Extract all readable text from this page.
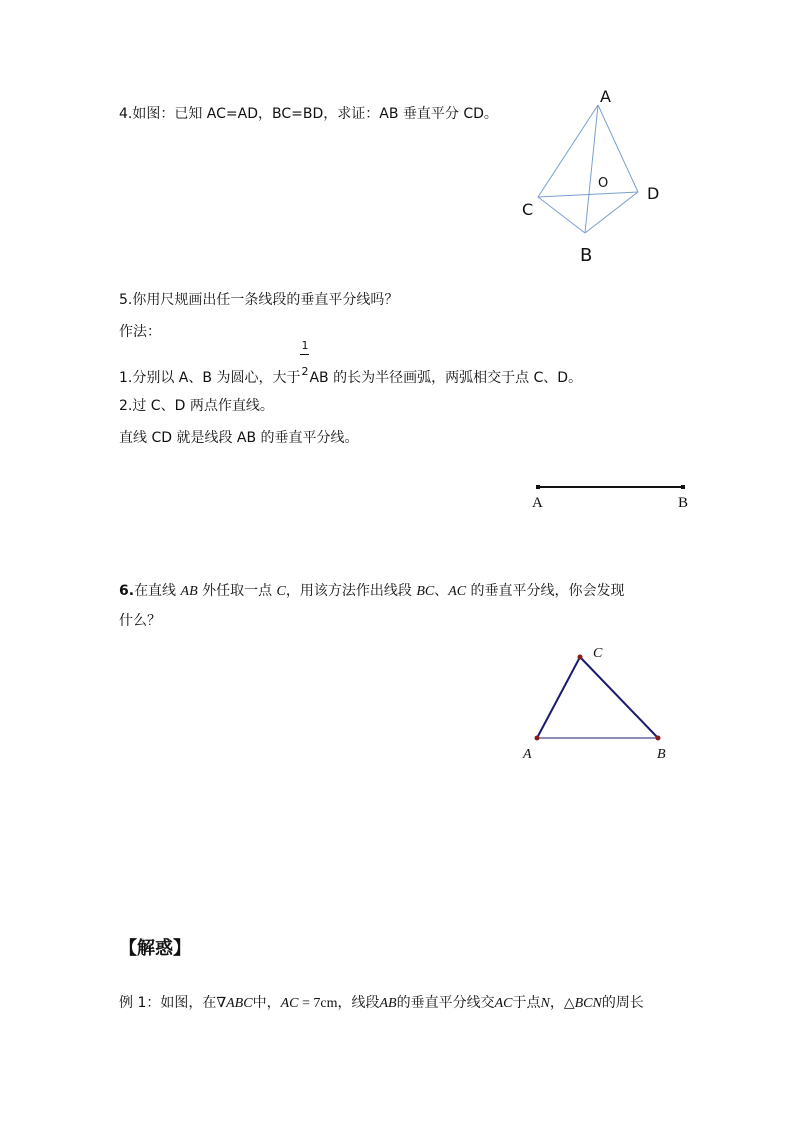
4.如图：已知 AC=AD，BC=BD，求证：AB 垂直平分 CD。
A
O
D
C
B
5.你用尺规画出任一条线段的垂直平分线吗？
作法：
1.分别以 A、B 为圆心，大于
$\frac{1}{2}$
AB 的长为半径画弧，两弧相交于点 C、D。
2.过 C、D 两点作直线。
直线 CD 就是线段 AB 的垂直平分线。
A	B
6.在直线 AB 外任取一点 C，用该方法作出线段 BC、AC 的垂直平分线，你会发现
什么？
A	B
C
【解惑】
例 1：如图，在∇ABC中，AC = 7cm，线段AB的垂直平分线交AC于点N，△BCN的周长
